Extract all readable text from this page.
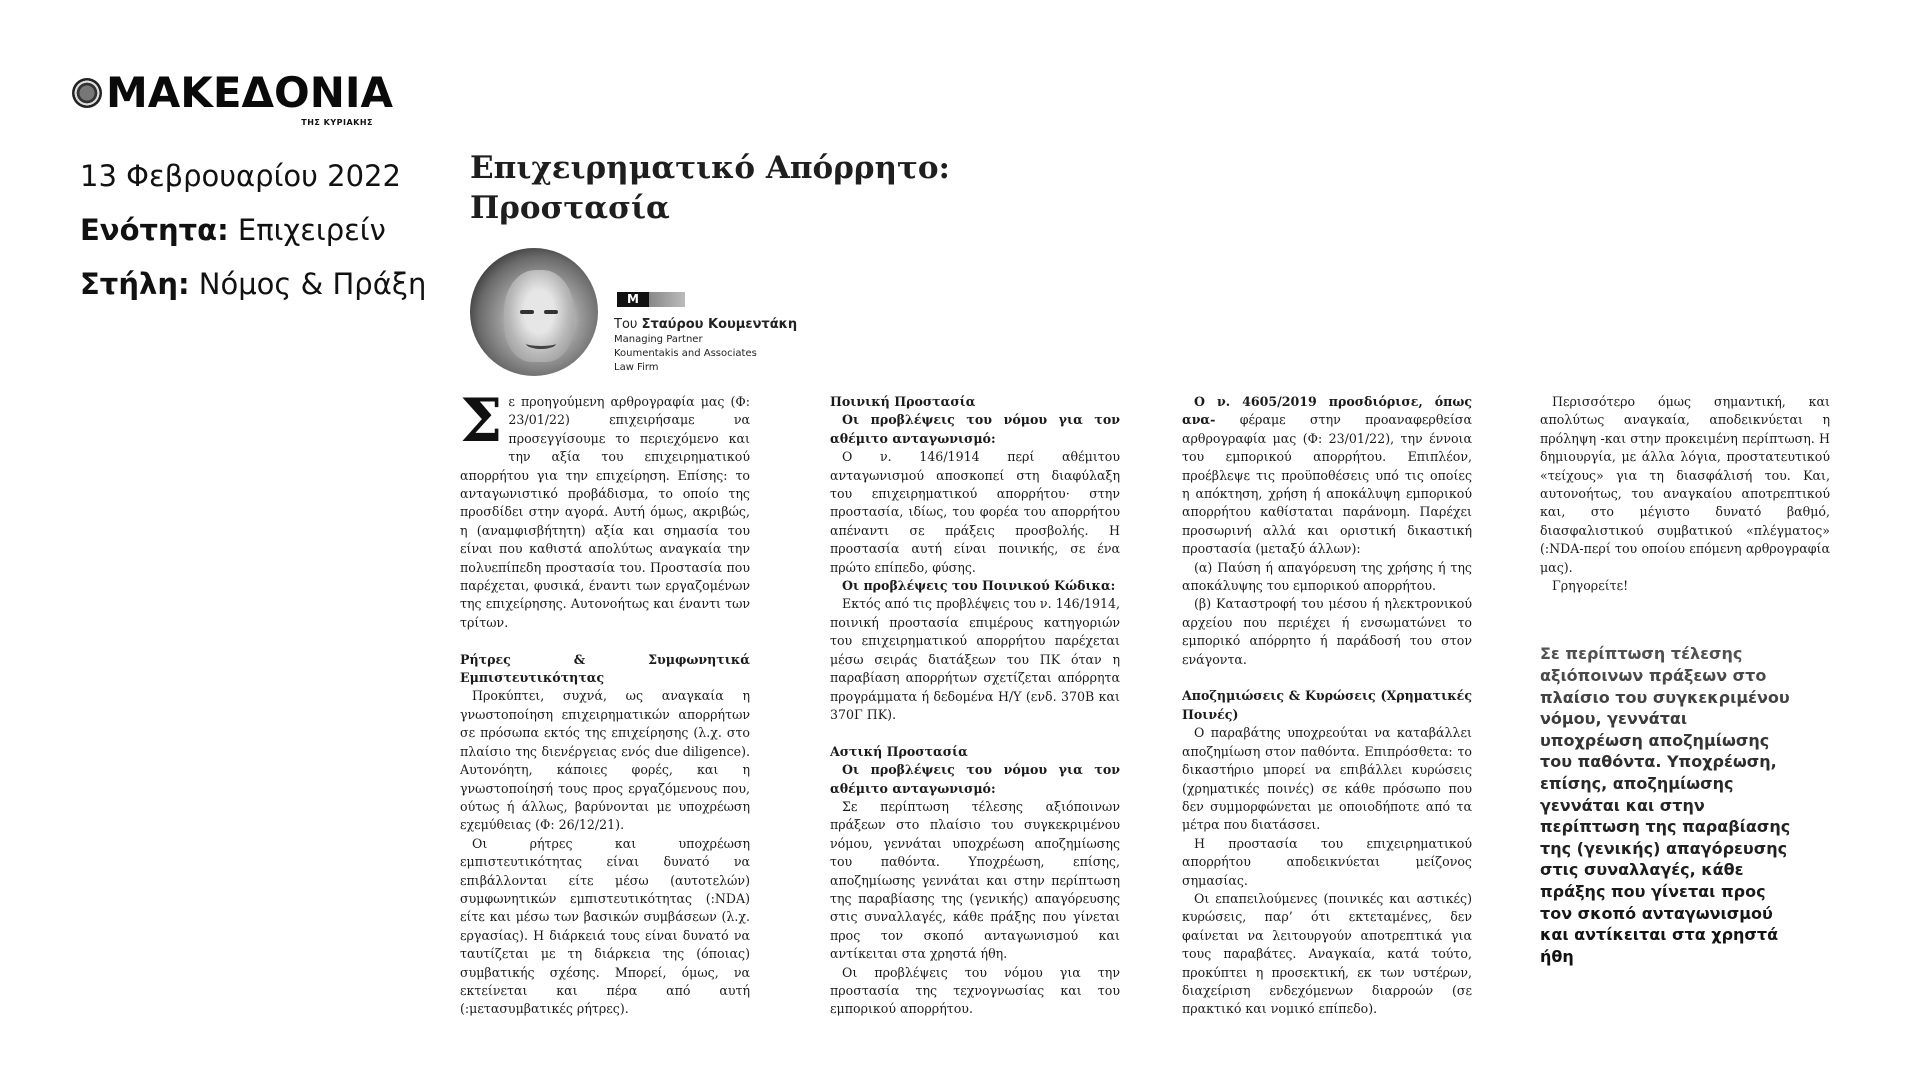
ΜΑΚΕΔΟΝΙΑ
ΤΗΣ ΚΥΡΙΑΚΗΣ
13 Φεβρουαρίου 2022
Ενότητα: Επιχειρείν
Στήλη: Νόμος & Πράξη
Επιχειρηματικό Απόρρητο:
Προστασία
M
Του Σταύρου Κουμεντάκη
Managing Partner
Koumentakis and Associates
Law Firm

Σε προηγούμενη αρθρογραφία μας (Φ: 23/01/22) επιχειρήσαμε να προσεγγίσουμε το περιεχόμενο και την αξία του επιχειρηματικού απορρήτου για την επιχείρηση. Επίσης: το ανταγωνιστικό προβάδισμα, το οποίο της προσδίδει στην αγορά. Αυτή όμως, ακριβώς, η (αναμφισβήτητη) αξία και σημασία του είναι που καθιστά απολύτως αναγκαία την πολυεπίπεδη προστασία του. Προστασία που παρέχεται, φυσικά, έναντι των εργαζομένων της επιχείρησης. Αυτονοήτως και έναντι των τρίτων.

Ρήτρες & Συμφωνητικά Εμπιστευτικότητας

Προκύπτει, συχνά, ως αναγκαία η γνωστοποίηση επιχειρηματικών απορρήτων σε πρόσωπα εκτός της επιχείρησης (λ.χ. στο πλαίσιο της διενέργειας ενός due diligence). Αυτονόητη, κάποιες φορές, και η γνωστοποίησή τους προς εργαζόμενους που, ούτως ή άλλως, βαρύνονται με υποχρέωση εχεμύθειας (Φ: 26/12/21).

Οι ρήτρες και υποχρέωση εμπιστευτικότητας είναι δυνατό να επιβάλλονται είτε μέσω (αυτοτελών) συμφωνητικών εμπιστευτικότητας (:NDA) είτε και μέσω των βασικών συμβάσεων (λ.χ. εργασίας). Η διάρκειά τους είναι δυνατό να ταυτίζεται με τη διάρκεια της (όποιας) συμβατικής σχέσης. Μπορεί, όμως, να εκτείνεται και πέρα από αυτή (:μετασυμβατικές ρήτρες).

Ποινική Προστασία

Οι προβλέψεις του νόμου για τον αθέμιτο ανταγωνισμό:

Ο ν. 146/1914 περί αθέμιτου ανταγωνισμού αποσκοπεί στη διαφύλαξη του επιχειρηματικού απορρήτου· στην προστασία, ιδίως, του φορέα του απορρήτου απέναντι σε πράξεις προσβολής. Η προστασία αυτή είναι ποινικής, σε ένα πρώτο επίπεδο, φύσης.

Οι προβλέψεις του Ποινικού Κώδικα:

Εκτός από τις προβλέψεις του ν. 146/1914, ποινική προστασία επιμέρους κατηγοριών του επιχειρηματικού απορρήτου παρέχεται μέσω σειράς διατάξεων του ΠΚ όταν η παραβίαση απορρήτων σχετίζεται απόρρητα προγράμματα ή δεδομένα Η/Υ (ενδ. 370Β και 370Γ ΠΚ).

Αστική Προστασία

Οι προβλέψεις του νόμου για τον αθέμιτο ανταγωνισμό:

Σε περίπτωση τέλεσης αξιόποινων πράξεων στο πλαίσιο του συγκεκριμένου νόμου, γεννάται υποχρέωση αποζημίωσης του παθόντα. Υποχρέωση, επίσης, αποζημίωσης γεννάται και στην περίπτωση της παραβίασης της (γενικής) απαγόρευσης στις συναλλαγές, κάθε πράξης που γίνεται προς τον σκοπό ανταγωνισμού και αντίκειται στα χρηστά ήθη.

Οι προβλέψεις του νόμου για την προστασία της τεχνογνωσίας και του εμπορικού απορρήτου.

Ο ν. 4605/2019 προσδιόρισε, όπως ανα- φέραμε στην προαναφερθείσα αρθρογραφία μας (Φ: 23/01/22), την έννοια του εμπορικού απορρήτου. Επιπλέον, προέβλεψε τις προϋποθέσεις υπό τις οποίες η απόκτηση, χρήση ή αποκάλυψη εμπορικού απορρήτου καθίσταται παράνομη. Παρέχει προσωρινή αλλά και οριστική δικαστική προστασία (μεταξύ άλλων):

(α) Παύση ή απαγόρευση της χρήσης ή της αποκάλυψης του εμπορικού απορρήτου.

(β) Καταστροφή του μέσου ή ηλεκτρονικού αρχείου που περιέχει ή ενσωματώνει το εμπορικό απόρρητο ή παράδοσή του στον ενάγοντα.

Αποζημιώσεις & Κυρώσεις (Χρηματικές Ποινές)

Ο παραβάτης υποχρεούται να καταβάλλει αποζημίωση στον παθόντα. Επιπρόσθετα: το δικαστήριο μπορεί να επιβάλλει κυρώσεις (χρηματικές ποινές) σε κάθε πρόσωπο που δεν συμμορφώνεται με οποιοδήποτε από τα μέτρα που διατάσσει.

Η προστασία του επιχειρηματικού απορρήτου αποδεικνύεται μείζονος σημασίας.

Οι επαπειλούμενες (ποινικές και αστικές) κυρώσεις, παρ’ ότι εκτεταμένες, δεν φαίνεται να λειτουργούν αποτρεπτικά για τους παραβάτες. Αναγκαία, κατά τούτο, προκύπτει η προσεκτική, εκ των υστέρων, διαχείριση ενδεχόμενων διαρροών (σε πρακτικό και νομικό επίπεδο).

‾ ‾ ‾ ‾ ‾ ‾ ‾ ‾ ‾ ‾ ‾ ‾ ‾ ‾ ‾ ‾ ‾

Περισσότερο όμως σημαντική, και απολύτως αναγκαία, αποδεικνύεται η πρόληψη -και στην προκειμένη περίπτωση. Η δημιουργία, με άλλα λόγια, προστατευτικού «τείχους» για τη διασφάλισή του. Και, αυτονοήτως, του αναγκαίου αποτρεπτικού και, στο μέγιστο δυνατό βαθμό, διασφαλιστικού συμβατικού «πλέγματος» (:NDA-περί του οποίου επόμενη αρθρογραφία μας).

Γρηγορείτε!

Σε περίπτωση τέλεσης
αξιόποινων πράξεων στο
πλαίσιο του συγκεκριμένου
νόμου, γεννάται
υποχρέωση αποζημίωσης
του παθόντα. Υποχρέωση,
επίσης, αποζημίωσης
γεννάται και στην
περίπτωση της παραβίασης
της (γενικής) απαγόρευσης
στις συναλλαγές, κάθε
πράξης που γίνεται προς
τον σκοπό ανταγωνισμού
και αντίκειται στα χρηστά
ήθη
